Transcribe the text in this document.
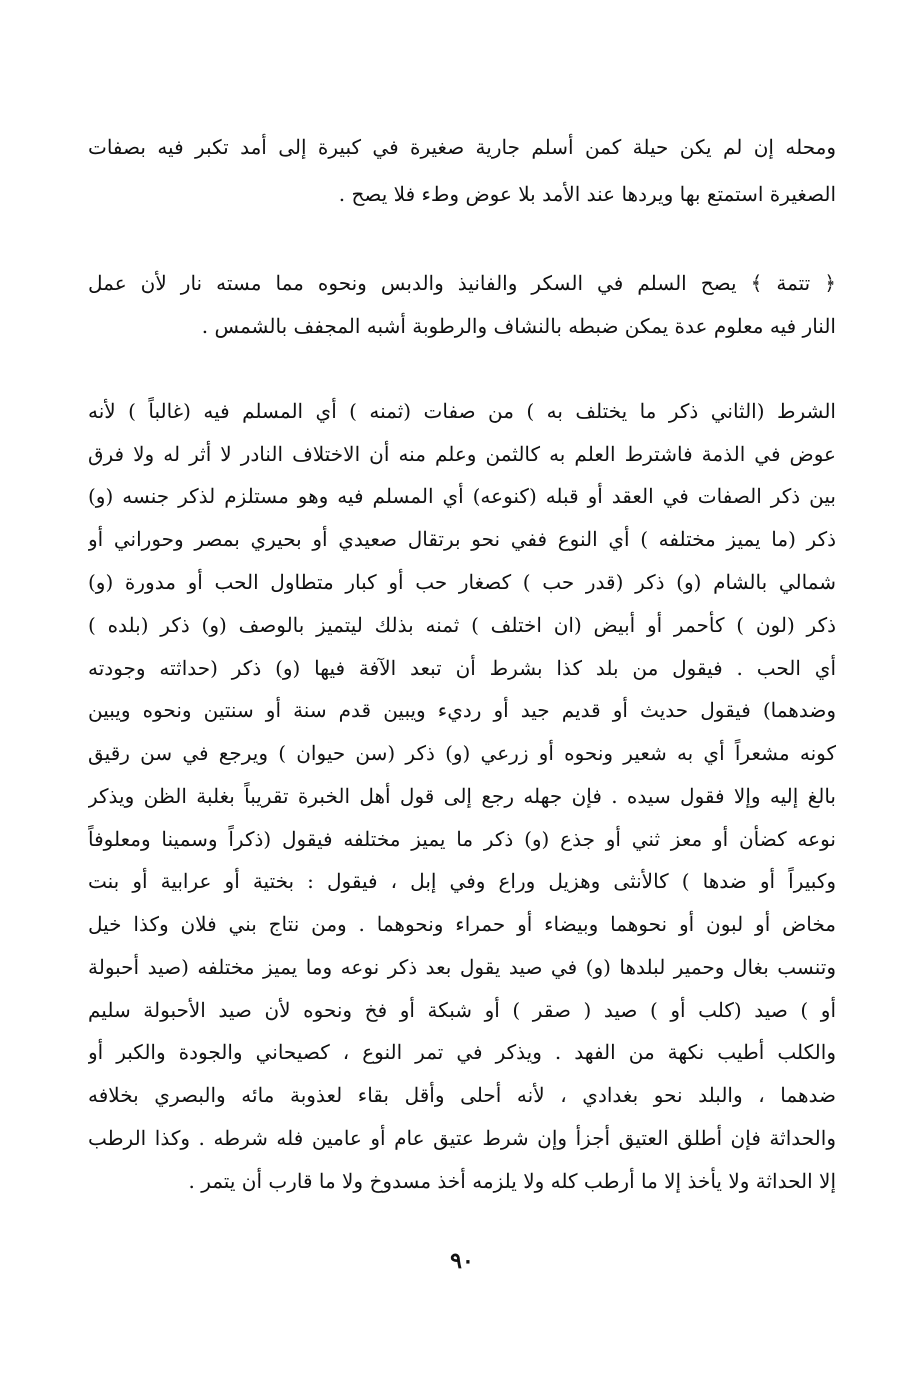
ومحله إن لم يكن حيلة كمن أسلم جارية صغيرة في كبيرة إلى أمد تكبر فيه بصفات
الصغيرة استمتع بها ويردها عند الأمد بلا عوض وطء فلا يصح .
﴿ تتمة ﴾ يصح السلم في السكر والفانيذ والدبس ونحوه مما مسته نار لأن عمل
النار فيه معلوم عدة يمكن ضبطه بالنشاف والرطوبة أشبه المجفف بالشمس .
الشرط (الثاني ذكر ما يختلف به ) من صفات (ثمنه ) أي المسلم فيه (غالباً ) لأنه
عوض في الذمة فاشترط العلم به كالثمن وعلم منه أن الاختلاف النادر لا أثر له ولا فرق
بين ذكر الصفات في العقد أو قبله (كنوعه) أي المسلم فيه وهو مستلزم لذكر جنسه (و)
ذكر (ما يميز مختلفه ) أي النوع ففي نحو برتقال صعيدي أو بحيري بمصر وحوراني أو
شمالي بالشام (و) ذكر (قدر حب ) كصغار حب أو كبار متطاول الحب أو مدورة (و)
ذكر (لون ) كأحمر أو أبيض (ان اختلف ) ثمنه بذلك ليتميز بالوصف (و) ذكر (بلده )
أي الحب . فيقول من بلد كذا بشرط أن تبعد الآفة فيها (و) ذكر (حداثته وجودته
وضدهما) فيقول حديث أو قديم جيد أو رديء ويبين قدم سنة أو سنتين ونحوه ويبين
كونه مشعراً أي به شعير ونحوه أو زرعي (و) ذكر (سن حيوان ) ويرجع في سن رقيق
بالغ إليه وإلا فقول سيده . فإن جهله رجع إلى قول أهل الخبرة تقريباً بغلبة الظن ويذكر
نوعه كضأن أو معز ثني أو جذع (و) ذكر ما يميز مختلفه فيقول (ذكراً وسمينا ومعلوفاً
وكبيراً أو ضدها ) كالأنثى وهزيل وراع وفي إبل ، فيقول : بختية أو عرابية أو بنت
مخاض أو لبون أو نحوهما وبيضاء أو حمراء ونحوهما . ومن نتاج بني فلان وكذا خيل
وتنسب بغال وحمير لبلدها (و) في صيد يقول بعد ذكر نوعه وما يميز مختلفه (صيد أحبولة
أو ) صيد (كلب أو ) صيد ( صقر ) أو شبكة أو فخ ونحوه لأن صيد الأحبولة سليم
والكلب أطيب نكهة من الفهد . ويذكر في تمر النوع ، كصيحاني والجودة والكبر أو
ضدهما ، والبلد نحو بغدادي ، لأنه أحلى وأقل بقاء لعذوبة مائه والبصري بخلافه
والحداثة فإن أطلق العتيق أجزأ وإن شرط عتيق عام أو عامين فله شرطه . وكذا الرطب
إلا الحداثة ولا يأخذ إلا ما أرطب كله ولا يلزمه أخذ مسدوخ ولا ما قارب أن يتمر .
٩٠
